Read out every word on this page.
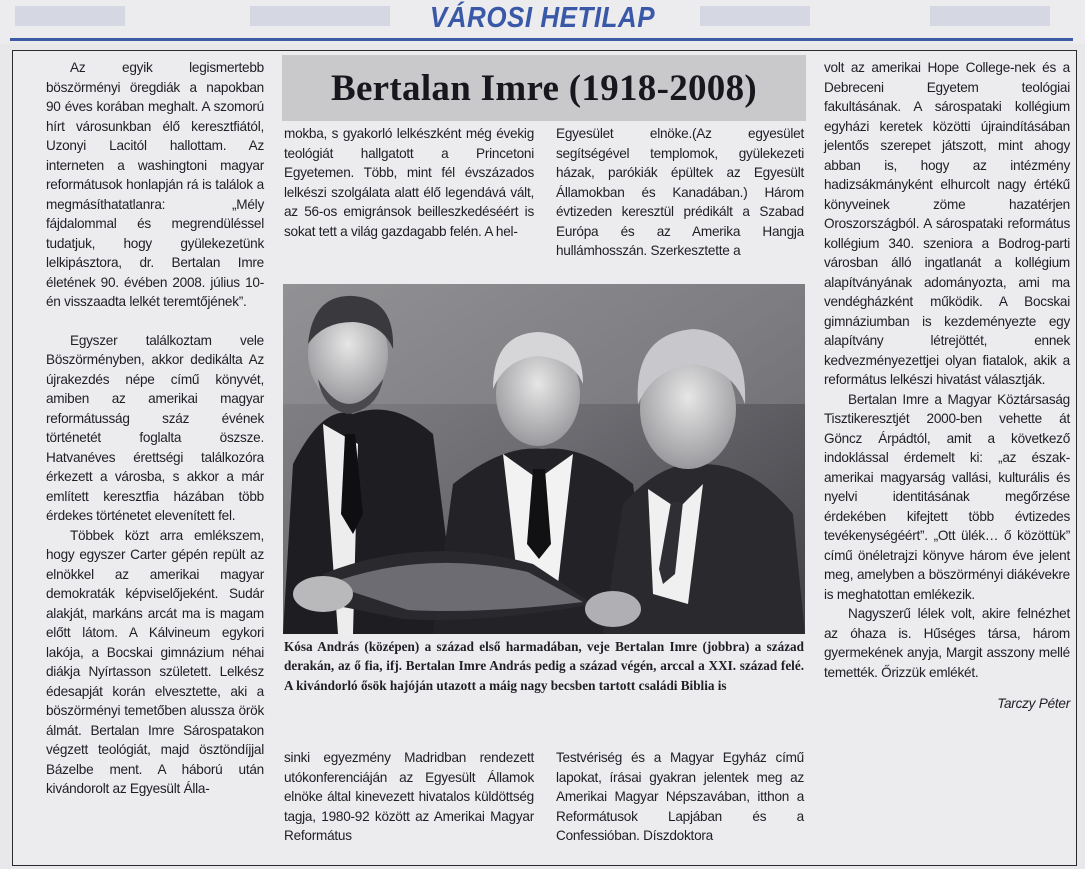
VÁROSI HETILAP

Az egyik legismertebb böszörményi öregdiák a napokban 90 éves korában meghalt. A szomorú hírt városunkban élő keresztfiától, Uzonyi Lacitól hallottam. Az interneten a washingtoni magyar reformátusok honlapján rá is találok a megmásíthatatlanra: „Mély fájdalommal és megrendüléssel tudatjuk, hogy gyülekezetünk lelkipásztora, dr. Bertalan Imre életének 90. évében 2008. július 10-én visszaadta lelkét teremtőjének”.

Egyszer találkoztam vele Böszörményben, akkor dedikálta Az újrakezdés népe című könyvét, amiben az amerikai magyar reformátusság száz évének történetét foglalta öszsze. Hatvanéves érettségi találkozóra érkezett a városba, s akkor a már említett keresztfia házában több érdekes történetet elevenített fel.

Többek közt arra emlékszem, hogy egyszer Carter gépén repült az elnökkel az amerikai magyar demokraták képviselőjeként. Sudár alakját, markáns arcát ma is magam előtt látom. A Kálvineum egykori lakója, a Bocskai gimnázium néhai diákja Nyírtasson született. Lelkész édesapját korán elvesztette, aki a böszörményi temetőben alussza örök álmát. Bertalan Imre Sárospatakon végzett teológiát, majd ösztöndíjjal Bázelbe ment. A háború után kivándorolt az Egyesült Álla-

Bertalan Imre (1918-2008)

mokba, s gyakorló lelkészként még évekig teológiát hallgatott a Princetoni Egyetemen. Több, mint fél évszázados lelkészi szolgálata alatt élő legendává vált, az 56-os emigránsok beilleszkedéséért is sokat tett a világ gazdagabb felén. A hel-

Egyesület elnöke.(Az egyesület segítségével templomok, gyülekezeti házak, parókiák épültek az Egyesült Államokban és Kanadában.) Három évtizeden keresztül prédikált a Szabad Európa és az Amerika Hangja hullámhosszán. Szerkesztette a

Kósa András (középen) a század első harmadában, veje Bertalan Imre (jobbra) a század derakán, az ő fia, ifj. Bertalan Imre András pedig a század végén, arccal a XXI. század felé. A kivándorló ősök hajóján utazott a máig nagy becsben tartott családi Biblia is

sinki egyezmény Madridban rendezett utókonferenciáján az Egyesült Államok elnöke által kinevezett hivatalos küldöttség tagja, 1980-92 között az Amerikai Magyar Református

Testvériség és a Magyar Egyház című lapokat, írásai gyakran jelentek meg az Amerikai Magyar Népszavában, itthon a Reformátusok Lapjában és a Confessióban. Díszdoktora

volt az amerikai Hope College-nek és a Debreceni Egyetem teológiai fakultásának. A sárospataki kollégium egyházi keretek közötti újraindításában jelentős szerepet játszott, mint ahogy abban is, hogy az intézmény hadizsákmányként elhurcolt nagy értékű könyveinek zöme hazatérjen Oroszországból. A sárospataki református kollégium 340. szeniora a Bodrog-parti városban álló ingatlanát a kollégium alapítványának adományozta, ami ma vendégházként működik. A Bocskai gimnáziumban is kezdeményezte egy alapítvány létrejöttét, ennek kedvezményezettjei olyan fiatalok, akik a református lelkészi hivatást választják.

Bertalan Imre a Magyar Köztársaság Tisztikeresztjét 2000-ben vehette át Göncz Árpádtól, amit a következő indoklással érdemelt ki: „az észak-amerikai magyarság vallási, kulturális és nyelvi identitásának megőrzése érdekében kifejtett több évtizedes tevékenységéért”. „Ott ülék… ő közöttük” című önéletrajzi könyve három éve jelent meg, amelyben a böszörményi diákévekre is meghatottan emlékezik.

Nagyszerű lélek volt, akire felnézhet az óhaza is. Hűséges társa, három gyermekének anyja, Margit asszony mellé temették. Őrizzük emlékét.

Tarczy Péter
